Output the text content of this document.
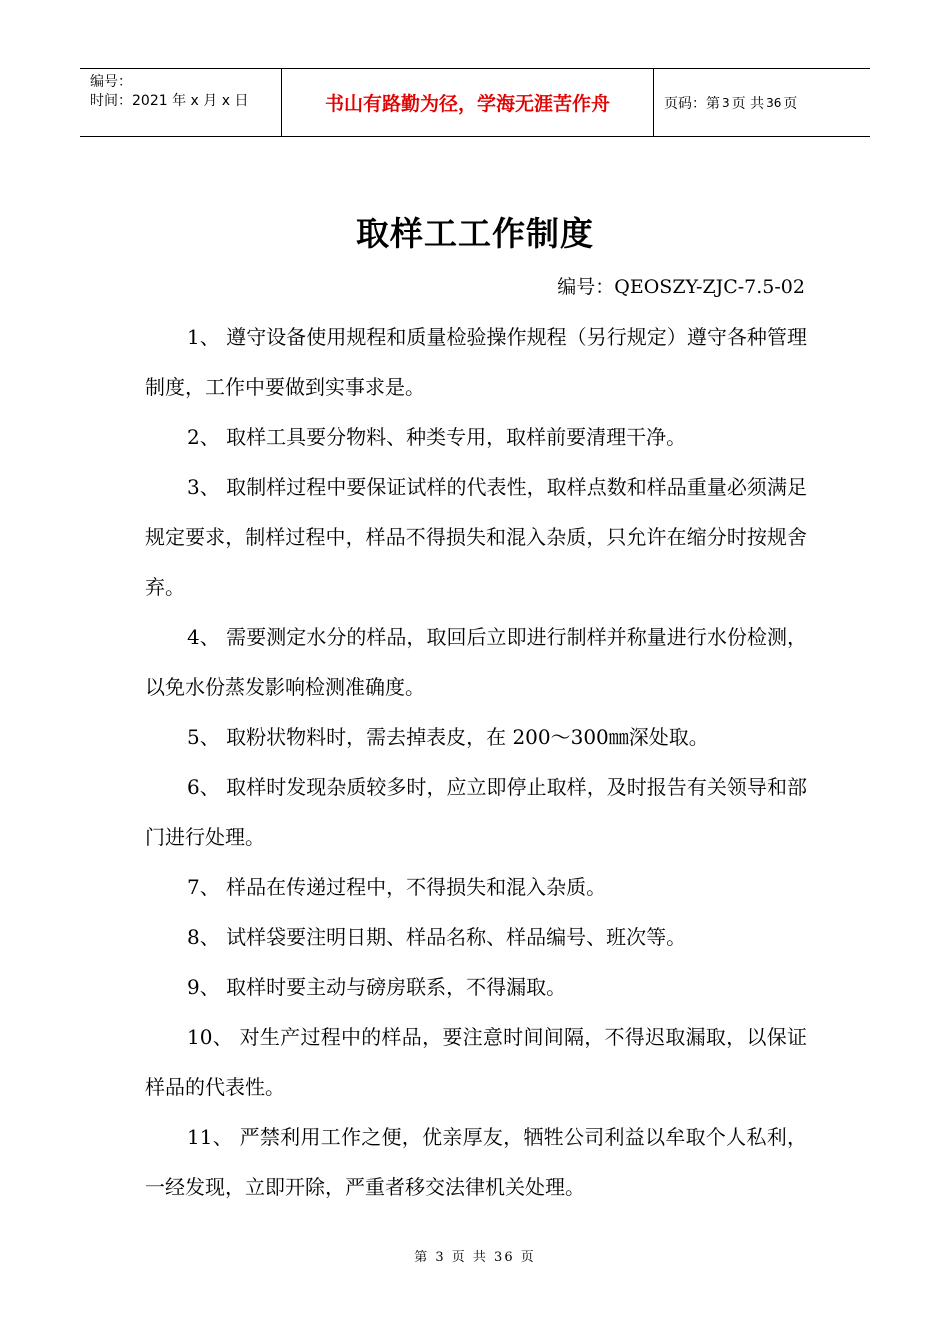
编号：
时间：2021 年 x 月 x 日	书山有路勤为径，学海无涯苦作舟	页码：第 3 页 共 36 页
取样工工作制度
编号：QEOSZY-ZJC-7.5-02

1、 遵守设备使用规程和质量检验操作规程（另行规定）遵守各种管理制度，工作中要做到实事求是。

2、 取样工具要分物料、种类专用，取样前要清理干净。

3、 取制样过程中要保证试样的代表性，取样点数和样品重量必须满足规定要求，制样过程中，样品不得损失和混入杂质，只允许在缩分时按规舍弃。

4、 需要测定水分的样品，取回后立即进行制样并称量进行水份检测，以免水份蒸发影响检测准确度。

5、 取粉状物料时，需去掉表皮，在 200～300㎜深处取。

6、 取样时发现杂质较多时，应立即停止取样，及时报告有关领导和部门进行处理。

7、 样品在传递过程中，不得损失和混入杂质。

8、 试样袋要注明日期、样品名称、样品编号、班次等。

9、 取样时要主动与磅房联系，不得漏取。

10、 对生产过程中的样品，要注意时间间隔，不得迟取漏取，以保证样品的代表性。

11、 严禁利用工作之便，优亲厚友，牺牲公司利益以牟取个人私利，一经发现，立即开除，严重者移交法律机关处理。

第 3 页 共 36 页
